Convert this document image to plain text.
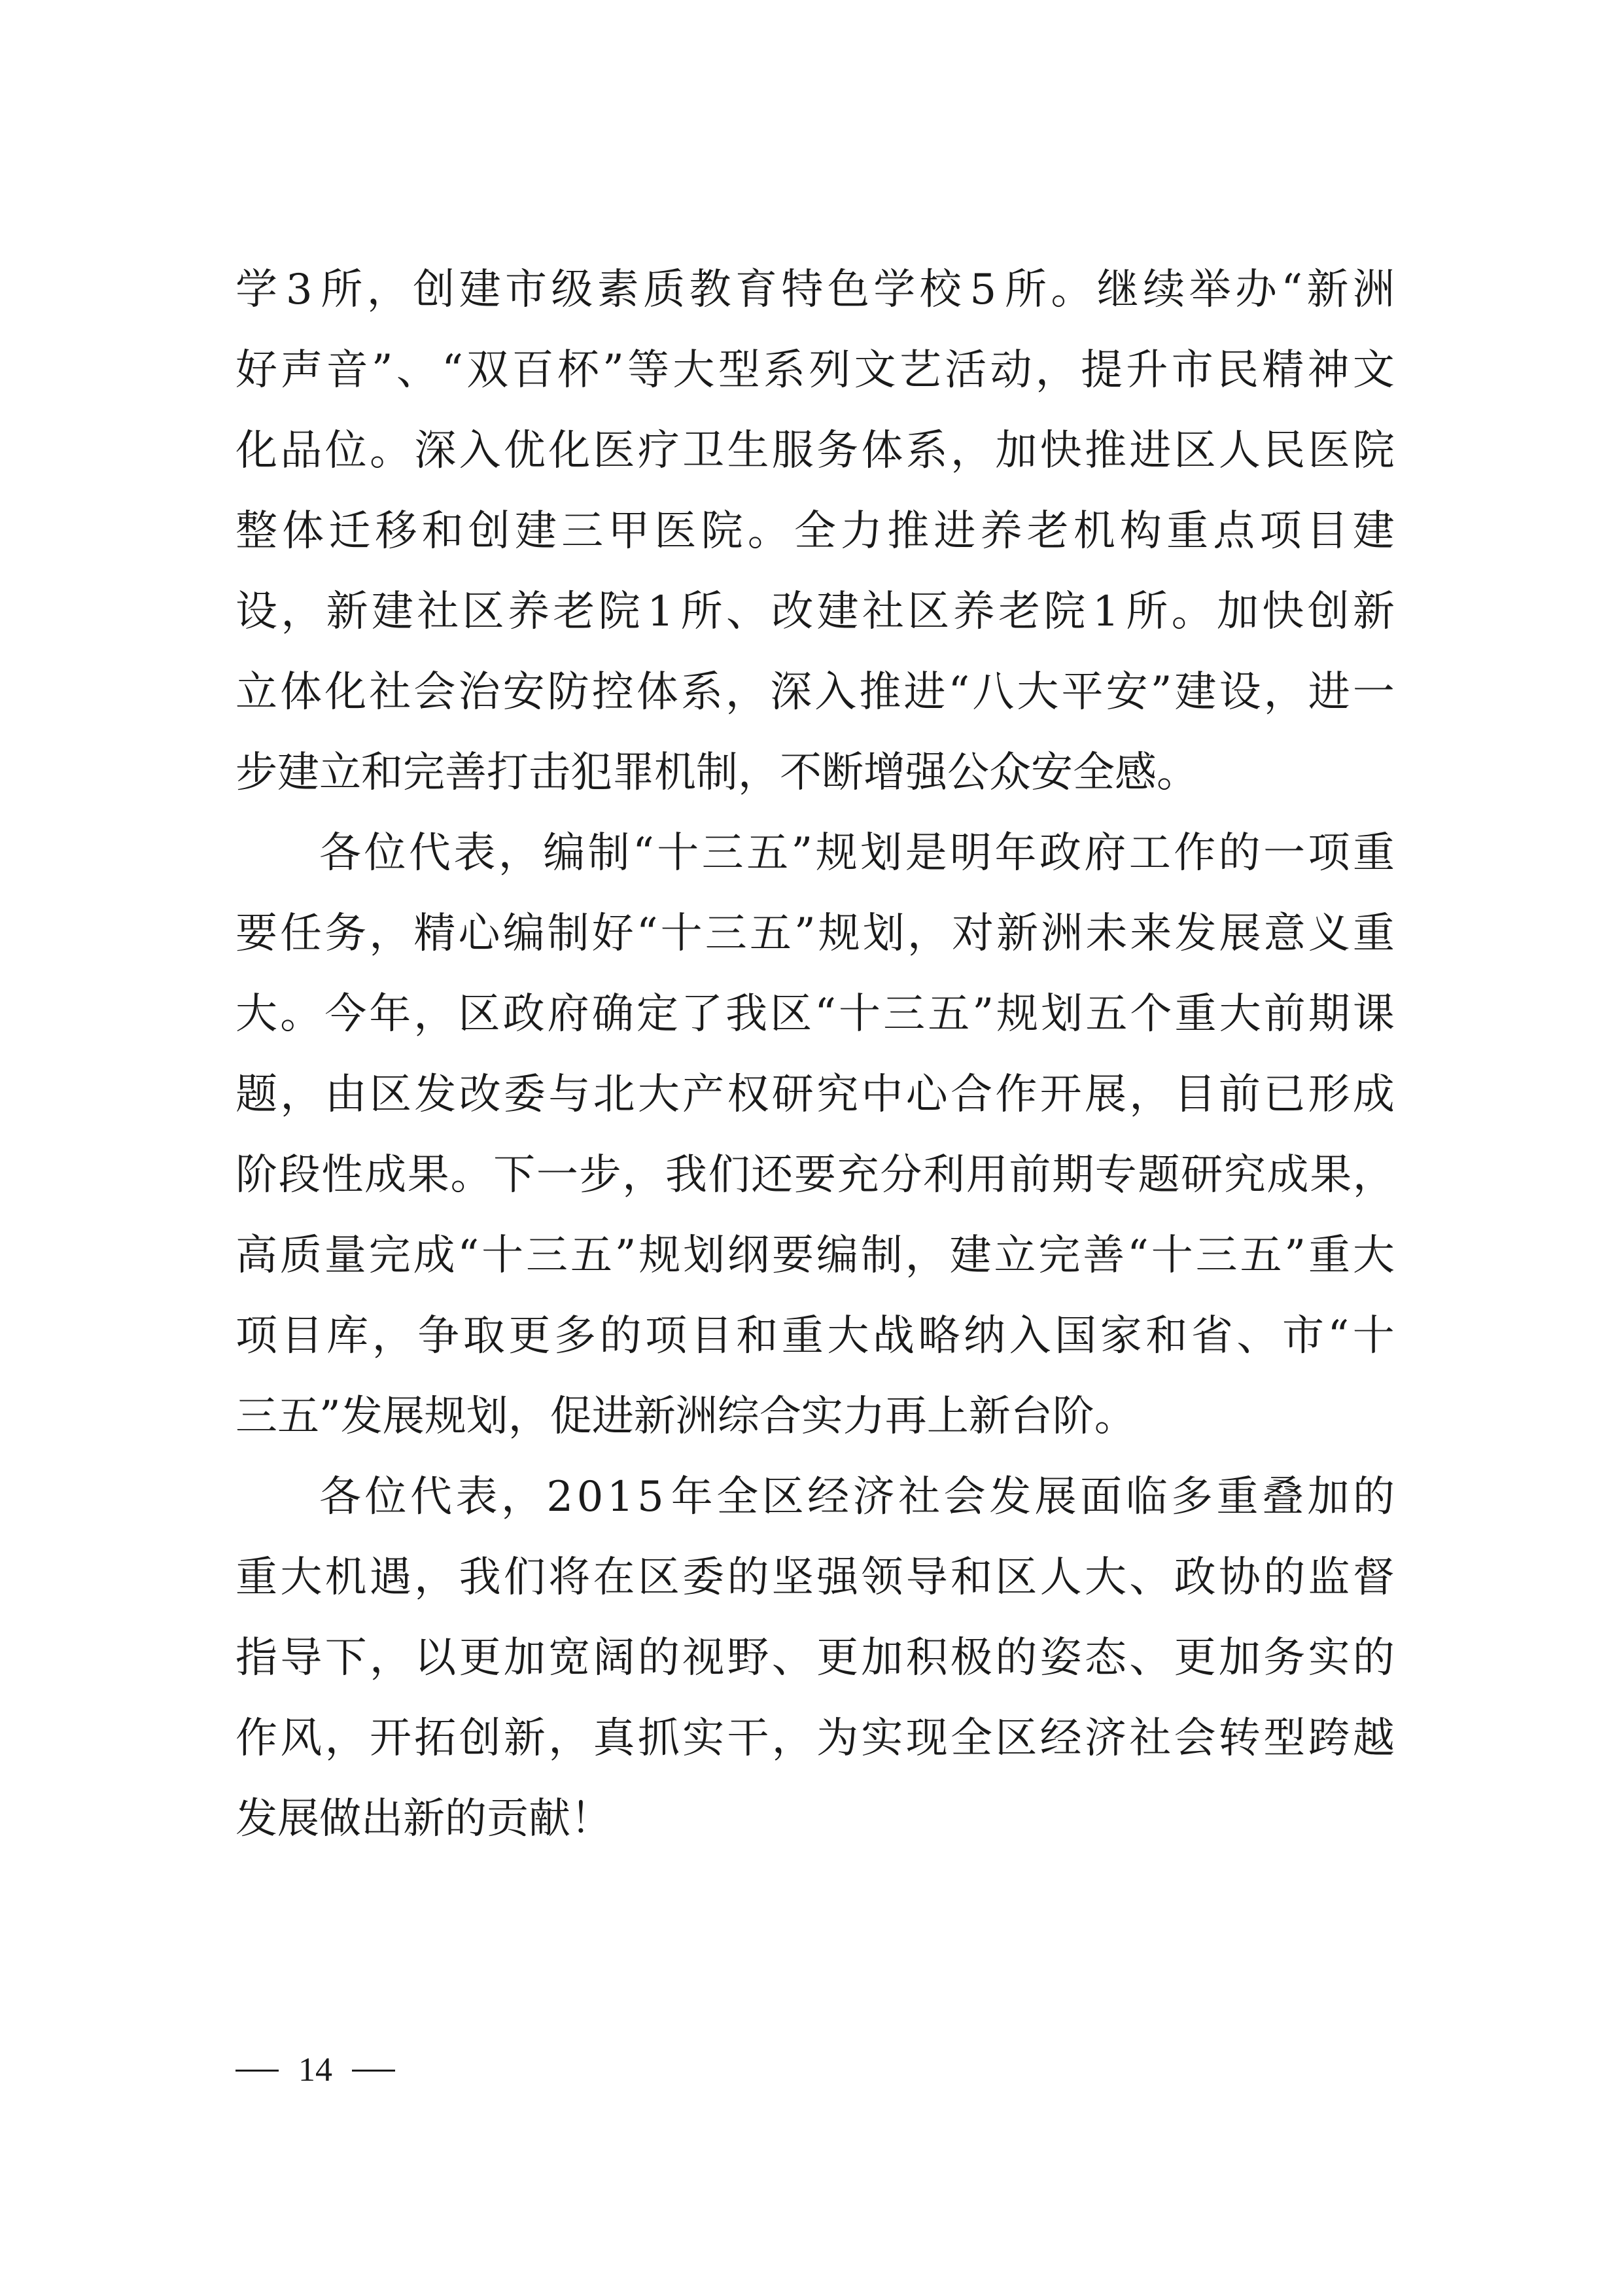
学 3 所 ， 创 建 市 级 素 质 教 育 特 色 学 校 5 所 。 继 续 举 办 “ 新 洲
好 声 音 ” 、 “ 双 百 杯 ” 等 大 型 系 列 文 艺 活 动 ， 提 升 市 民 精 神 文
化 品 位 。 深 入 优 化 医 疗 卫 生 服 务 体 系 ， 加 快 推 进 区 人 民 医 院
整 体 迁 移 和 创 建 三 甲 医 院 。 全 力 推 进 养 老 机 构 重 点 项 目 建
设 ， 新 建 社 区 养 老 院 1 所 、 改 建 社 区 养 老 院 1 所 。 加 快 创 新
立 体 化 社 会 治 安 防 控 体 系 ， 深 入 推 进 “ 八 大 平 安 ” 建 设 ， 进 一
步建立和完善打击犯罪机制，不断增强公众安全感。
各 位 代 表 ， 编 制 “ 十 三 五 ” 规 划 是 明 年 政 府 工 作 的 一 项 重
要 任 务 ， 精 心 编 制 好 “ 十 三 五 ” 规 划 ， 对 新 洲 未 来 发 展 意 义 重
大 。 今 年 ， 区 政 府 确 定 了 我 区 “ 十 三 五 ” 规 划 五 个 重 大 前 期 课
题 ， 由 区 发 改 委 与 北 大 产 权 研 究 中 心 合 作 开 展 ， 目 前 已 形 成
阶 段 性 成 果 。 下 一 步 ， 我 们 还 要 充 分 利 用 前 期 专 题 研 究 成 果 ，
高 质 量 完 成 “ 十 三 五 ” 规 划 纲 要 编 制 ， 建 立 完 善 “ 十 三 五 ” 重 大
项 目 库 ， 争 取 更 多 的 项 目 和 重 大 战 略 纳 入 国 家 和 省 、 市 “ 十
三五”发展规划，促进新洲综合实力再上新台阶。
各 位 代 表 ， 2 0 1 5 年 全 区 经 济 社 会 发 展 面 临 多 重 叠 加 的
重 大 机 遇 ， 我 们 将 在 区 委 的 坚 强 领 导 和 区 人 大 、 政 协 的 监 督
指 导 下 ， 以 更 加 宽 阔 的 视 野 、 更 加 积 极 的 姿 态 、 更 加 务 实 的
作 风 ， 开 拓 创 新 ， 真 抓 实 干 ， 为 实 现 全 区 经 济 社 会 转 型 跨 越
发展做出新的贡献！
14
